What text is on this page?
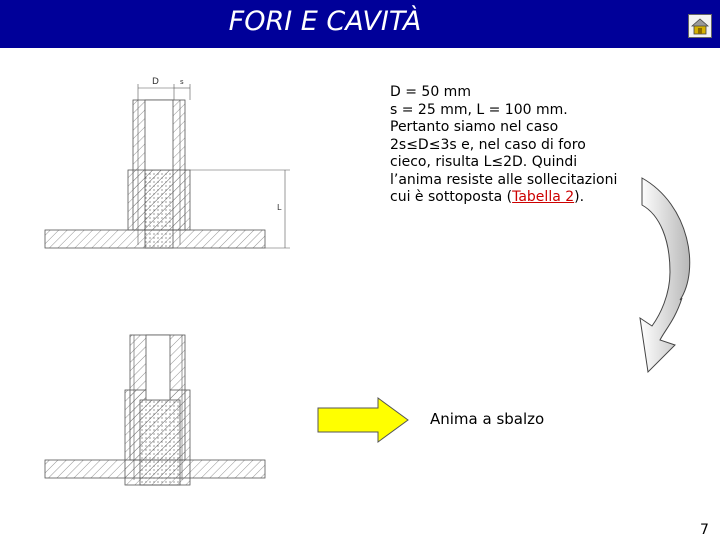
FORI E CAVITÀ
D	s
L
D = 50 mm
s = 25 mm, L = 100 mm. Pertanto siamo nel caso 2s≤D≤3s e, nel caso di foro cieco, risulta L≤2D. Quindi l’anima resiste alle sollecitazioni cui è sottoposta (Tabella 2).
Anima a sbalzo
7
